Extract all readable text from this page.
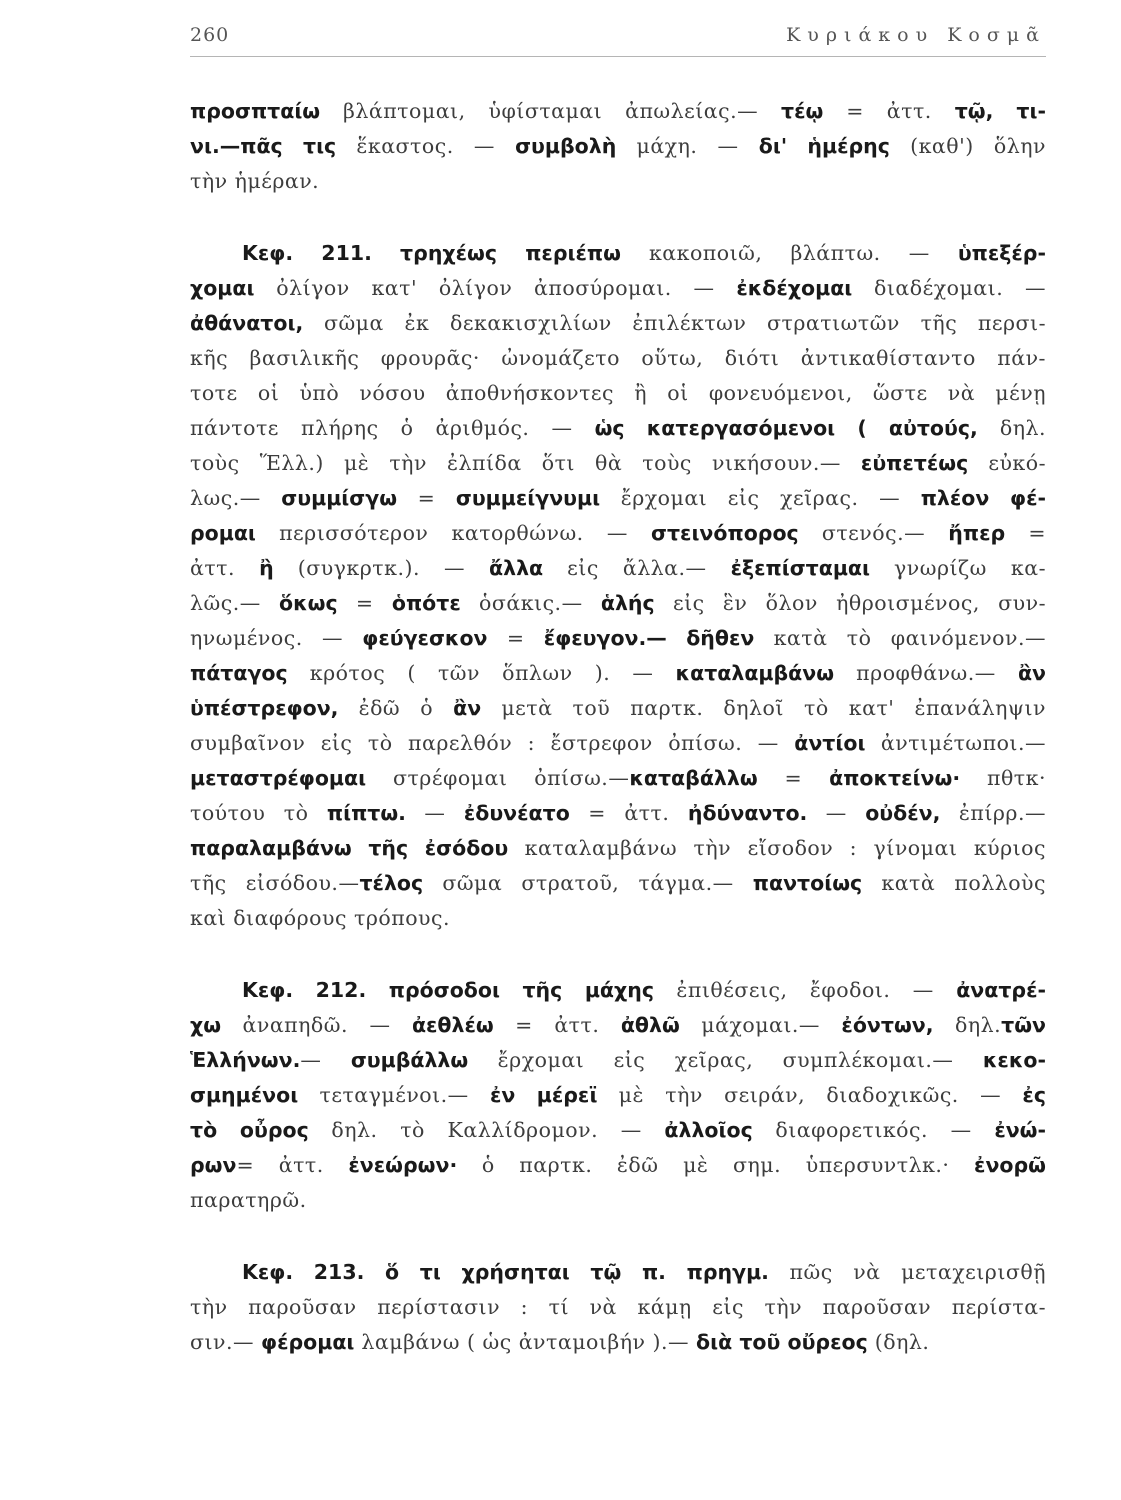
260	Κυριάκου Κοσμᾶ
προσπταίω βλάπτομαι, ὑφίσταμαι ἀπωλείας.— τέῳ = ἀττ. τῷ, τι-
νι.—πᾶς τις ἕκαστος. — συμβολὴ μάχη. — δι' ἡμέρης (καθ') ὅλην
τὴν ἡμέραν.
Κεφ. 211. τρηχέως περιέπω κακοποιῶ, βλάπτω. — ὑπεξέρ-
χομαι ὀλίγον κατ' ὀλίγον ἀποσύρομαι. — ἐκδέχομαι διαδέχομαι. —
ἀθάνατοι, σῶμα ἐκ δεκακισχιλίων ἐπιλέκτων στρατιωτῶν τῆς περσι-
κῆς βασιλικῆς φρουρᾶς· ὠνομάζετο οὕτω, διότι ἀντικαθίσταντο πάν-
τοτε οἱ ὑπὸ νόσου ἀποθνήσκοντες ἢ οἱ φονευόμενοι, ὥστε νὰ μένῃ
πάντοτε πλήρης ὁ ἀριθμός. — ὡς κατεργασόμενοι ( αὐτούς, δηλ.
τοὺς Ἕλλ.) μὲ τὴν ἐλπίδα ὅτι θὰ τοὺς νικήσουν.— εὐπετέως εὐκό-
λως.— συμμίσγω = συμμείγνυμι ἔρχομαι εἰς χεῖρας. — πλέον φέ-
ρομαι περισσότερον κατορθώνω. — στεινόπορος στενός.— ἤπερ =
ἀττ. ἢ (συγκρτκ.). — ἄλλα εἰς ἄλλα.— ἐξεπίσταμαι γνωρίζω κα-
λῶς.— ὅκως = ὁπότε ὁσάκις.— ἁλής εἰς ἓν ὅλον ἠθροισμένος, συν-
ηνωμένος. — φεύγεσκον = ἔφευγον.— δῆθεν κατὰ τὸ φαινόμενον.—
πάταγος κρότος ( τῶν ὅπλων ). — καταλαμβάνω προφθάνω.— ἂν
ὑπέστρεφον, ἐδῶ ὁ ἂν μετὰ τοῦ παρτκ. δηλοῖ τὸ κατ' ἐπανάληψιν
συμβαῖνον εἰς τὸ παρελθόν : ἔστρεφον ὀπίσω. — ἀντίοι ἀντιμέτωποι.—
μεταστρέφομαι στρέφομαι ὀπίσω.—καταβάλλω = ἀποκτείνω· πθτκ·
τούτου τὸ πίπτω. — ἐδυνέατο = ἀττ. ἠδύναντο. — οὐδέν, ἐπίρρ.—
παραλαμβάνω τῆς ἐσόδου καταλαμβάνω τὴν εἴσοδον : γίνομαι κύριος
τῆς εἰσόδου.—τέλος σῶμα στρατοῦ, τάγμα.— παντοίως κατὰ πολλοὺς
καὶ διαφόρους τρόπους.
Κεφ. 212. πρόσοδοι τῆς μάχης ἐπιθέσεις, ἔφοδοι. — ἀνατρέ-
χω ἀναπηδῶ. — ἀεθλέω = ἀττ. ἀθλῶ μάχομαι.— ἐόντων, δηλ.τῶν
Ἑλλήνων.— συμβάλλω ἔρχομαι εἰς χεῖρας, συμπλέκομαι.— κεκο-
σμημένοι τεταγμένοι.— ἐν μέρεϊ μὲ τὴν σειράν, διαδοχικῶς. — ἐς
τὸ οὖρος δηλ. τὸ Καλλίδρομον. — ἀλλοῖος διαφορετικός. — ἐνώ-
ρων= ἀττ. ἐνεώρων· ὁ παρτκ. ἐδῶ μὲ σημ. ὑπερσυντλκ.· ἐνορῶ
παρατηρῶ.
Κεφ. 213. ὅ τι χρήσηται τῷ π. πρηγμ. πῶς νὰ μεταχειρισθῇ
τὴν παροῦσαν περίστασιν : τί νὰ κάμῃ εἰς τὴν παροῦσαν περίστα-
σιν.— φέρομαι λαμβάνω ( ὡς ἀνταμοιβήν ).— διὰ τοῦ οὔρεος (δηλ.
